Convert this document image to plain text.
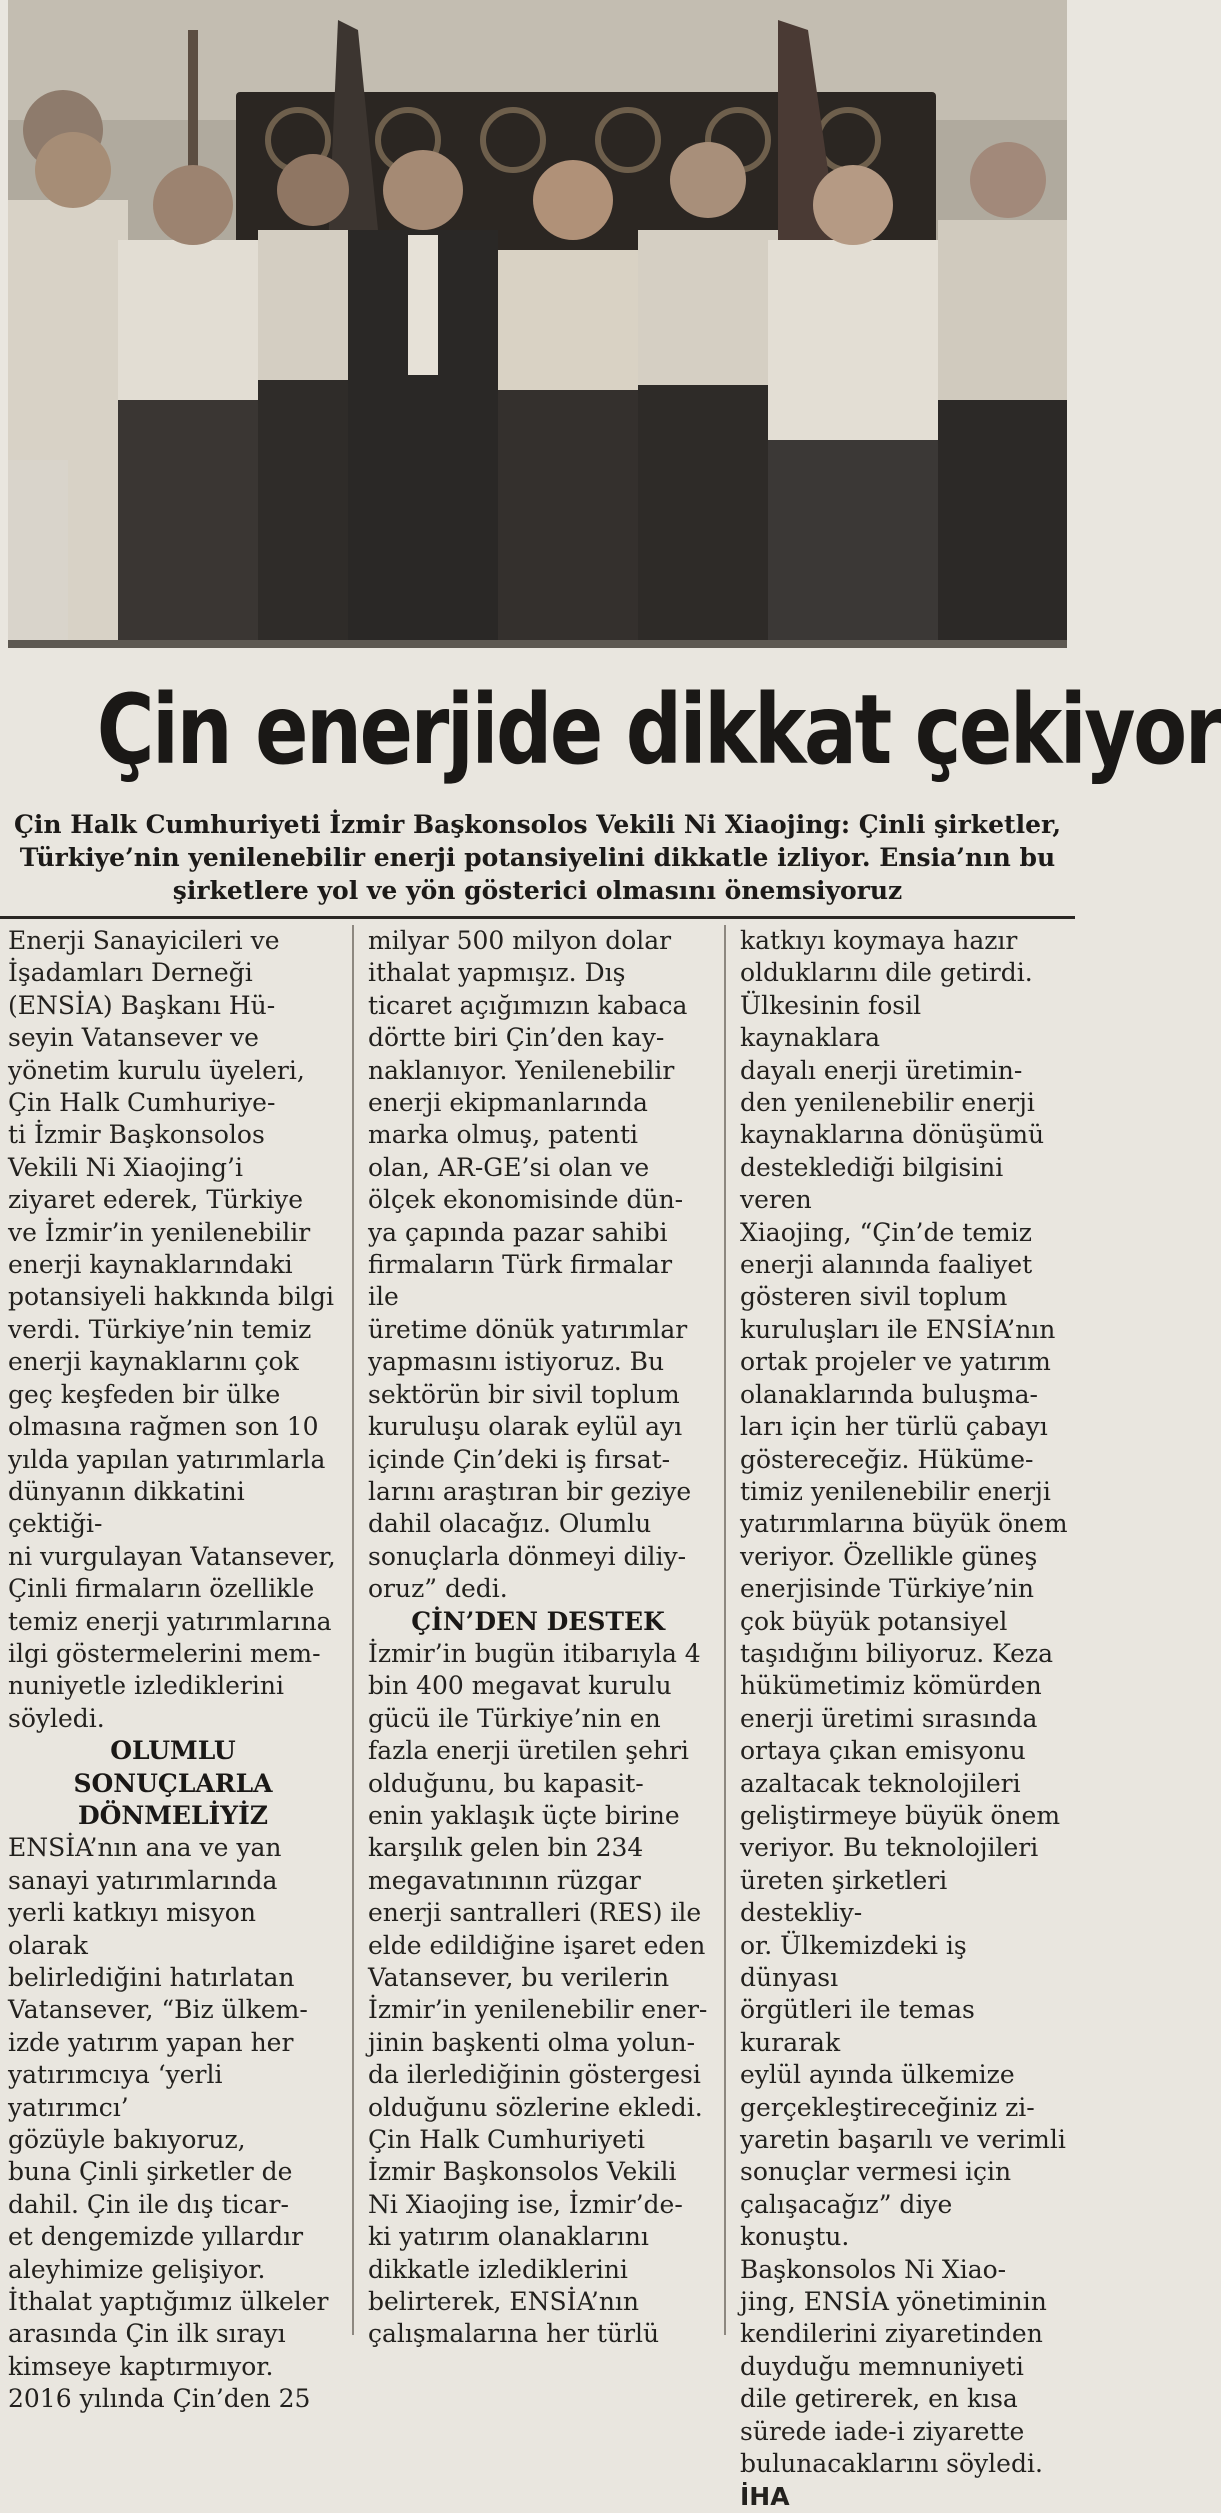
Çin enerjide dikkat çekiyor
Çin Halk Cumhuriyeti İzmir Başkonsolos Vekili Ni Xiaojing: Çinli şirketler, Türkiye’nin yenilenebilir enerji potansiyelini dikkatle izliyor. Ensia’nın bu şirketlere yol ve yön gösterici olmasını önemsiyoruz

Enerji Sanayicileri ve
İşadamları Derneği
(ENSİA) Başkanı Hü-
seyin Vatansever ve
yönetim kurulu üyeleri,
Çin Halk Cumhuriye-
ti İzmir Başkonsolos
Vekili Ni Xiaojing’i
ziyaret ederek, Türkiye
ve İzmir’in yenilenebilir
enerji kaynaklarındaki
potansiyeli hakkında bilgi
verdi. Türkiye’nin temiz
enerji kaynaklarını çok
geç keşfeden bir ülke
olmasına rağmen son 10
yılda yapılan yatırımlarla
dünyanın dikkatini çektiği-
ni vurgulayan Vatansever,
Çinli firmaların özellikle
temiz enerji yatırımlarına
ilgi göstermelerini mem-
nuniyetle izlediklerini
söyledi.

OLUMLU
SONUÇLARLA
DÖNMELİYİZ

ENSİA’nın ana ve yan
sanayi yatırımlarında
yerli katkıyı misyon olarak
belirlediğini hatırlatan
Vatansever, “Biz ülkem-
izde yatırım yapan her
yatırımcıya ‘yerli yatırımcı’
gözüyle bakıyoruz,
buna Çinli şirketler de
dahil. Çin ile dış ticar-
et dengemizde yıllardır
aleyhimize gelişiyor.
İthalat yaptığımız ülkeler
arasında Çin ilk sırayı
kimseye kaptırmıyor.
2016 yılında Çin’den 25

milyar 500 milyon dolar
ithalat yapmışız. Dış
ticaret açığımızın kabaca
dörtte biri Çin’den kay-
naklanıyor. Yenilenebilir
enerji ekipmanlarında
marka olmuş, patenti
olan, AR-GE’si olan ve
ölçek ekonomisinde dün-
ya çapında pazar sahibi
firmaların Türk firmalar ile
üretime dönük yatırımlar
yapmasını istiyoruz. Bu
sektörün bir sivil toplum
kuruluşu olarak eylül ayı
içinde Çin’deki iş fırsat-
larını araştıran bir geziye
dahil olacağız. Olumlu
sonuçlarla dönmeyi diliy-
oruz” dedi.

ÇİN’DEN DESTEK

İzmir’in bugün itibarıyla 4
bin 400 megavat kurulu
gücü ile Türkiye’nin en
fazla enerji üretilen şehri
olduğunu, bu kapasit-
enin yaklaşık üçte birine
karşılık gelen bin 234
megavatınının rüzgar
enerji santralleri (RES) ile
elde edildiğine işaret eden
Vatansever, bu verilerin
İzmir’in yenilenebilir ener-
jinin başkenti olma yolun-
da ilerlediğinin göstergesi
olduğunu sözlerine ekledi.
Çin Halk Cumhuriyeti
İzmir Başkonsolos Vekili
Ni Xiaojing ise, İzmir’de-
ki yatırım olanaklarını
dikkatle izlediklerini
belirterek, ENSİA’nın
çalışmalarına her türlü

katkıyı koymaya hazır
olduklarını dile getirdi.
Ülkesinin fosil kaynaklara
dayalı enerji üretimin-
den yenilenebilir enerji
kaynaklarına dönüşümü
desteklediği bilgisini veren
Xiaojing, “Çin’de temiz
enerji alanında faaliyet
gösteren sivil toplum
kuruluşları ile ENSİA’nın
ortak projeler ve yatırım
olanaklarında buluşma-
ları için her türlü çabayı
göstereceğiz. Hüküme-
timiz yenilenebilir enerji
yatırımlarına büyük önem
veriyor. Özellikle güneş
enerjisinde Türkiye’nin
çok büyük potansiyel
taşıdığını biliyoruz. Keza
hükümetimiz kömürden
enerji üretimi sırasında
ortaya çıkan emisyonu
azaltacak teknolojileri
geliştirmeye büyük önem
veriyor. Bu teknolojileri
üreten şirketleri destekliy-
or. Ülkemizdeki iş dünyası
örgütleri ile temas kurarak
eylül ayında ülkemize
gerçekleştireceğiniz zi-
yaretin başarılı ve verimli
sonuçlar vermesi için
çalışacağız” diye konuştu.
Başkonsolos Ni Xiao-
jing, ENSİA yönetiminin
kendilerini ziyaretinden
duyduğu memnuniyeti
dile getirerek, en kısa
sürede iade-i ziyarette
bulunacaklarını söyledi.

İHA
